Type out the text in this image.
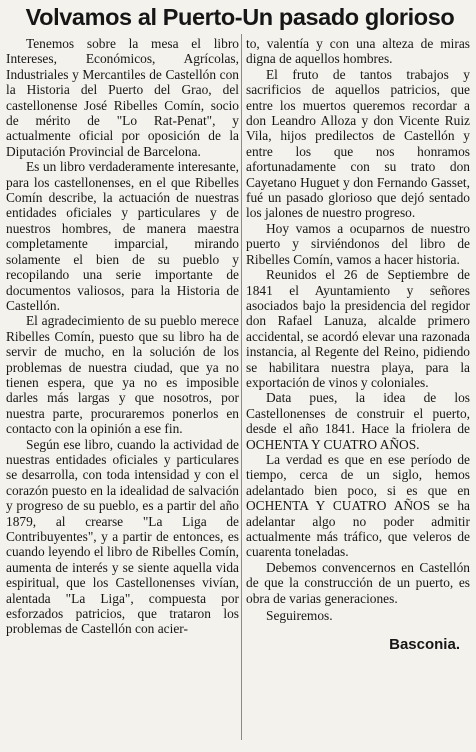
Volvamos al Puerto-Un pasado glorioso

Tenemos sobre la mesa el libro Intereses, Económicos, Agrícolas, Industriales y Mercantiles de Castellón con la Historia del Puerto del Grao, del castellonense José Ribelles Comín, socio de mérito de "Lo Rat-Penat", y actualmente oficial por oposición de la Diputación Provincial de Barcelona.

Es un libro verdaderamente interesante, para los castellonenses, en el que Ribelles Comín describe, la actuación de nuestras entidades oficiales y particulares y de nuestros hombres, de manera maestra completamente imparcial, mirando solamente el bien de su pueblo y recopilando una serie importante de documentos valiosos, para la Historia de Castellón.

El agradecimiento de su pueblo merece Ribelles Comín, puesto que su libro ha de servir de mucho, en la solución de los problemas de nuestra ciudad, que ya no tienen espera, que ya no es imposible darles más largas y que nosotros, por nuestra parte, procuraremos ponerlos en contacto con la opinión a ese fin.

Según ese libro, cuando la actividad de nuestras entidades oficiales y particulares se desarrolla, con toda intensidad y con el corazón puesto en la idealidad de salvación y progreso de su pueblo, es a partir del año 1879, al crearse "La Liga de Contribuyentes", y a partir de entonces, es cuando leyendo el libro de Ribelles Comín, aumenta de interés y se siente aquella vida espiritual, que los Castellonenses vivían, alentada "La Liga", compuesta por esforzados patricios, que trataron los problemas de Castellón con acier-

to, valentía y con una alteza de miras digna de aquellos hombres.

El fruto de tantos trabajos y sacrificios de aquellos patricios, que entre los muertos queremos recordar a don Leandro Alloza y don Vicente Ruiz Vila, hijos predilectos de Castellón y entre los que nos honramos afortunadamente con su trato don Cayetano Huguet y don Fernando Gasset, fué un pasado glorioso que dejó sentado los jalones de nuestro progreso.

Hoy vamos a ocuparnos de nuestro puerto y sirviéndonos del libro de Ribelles Comín, vamos a hacer historia.

Reunidos el 26 de Septiembre de 1841 el Ayuntamiento y señores asociados bajo la presidencia del regidor don Rafael Lanuza, alcalde primero accidental, se acordó elevar una razonada instancia, al Regente del Reino, pidiendo se habilitara nuestra playa, para la exportación de vinos y coloniales.

Data pues, la idea de los Castellonenses de construir el puerto, desde el año 1841. Hace la friolera de OCHENTA Y CUATRO AÑOS.

La verdad es que en ese período de tiempo, cerca de un siglo, hemos adelantado bien poco, si es que en OCHENTA Y CUATRO AÑOS se ha adelantar algo no poder admitir actualmente más tráfico, que veleros de cuarenta toneladas.

Debemos convencernos en Castellón de que la construcción de un puerto, es obra de varias generaciones.

Seguiremos.

Basconia.
